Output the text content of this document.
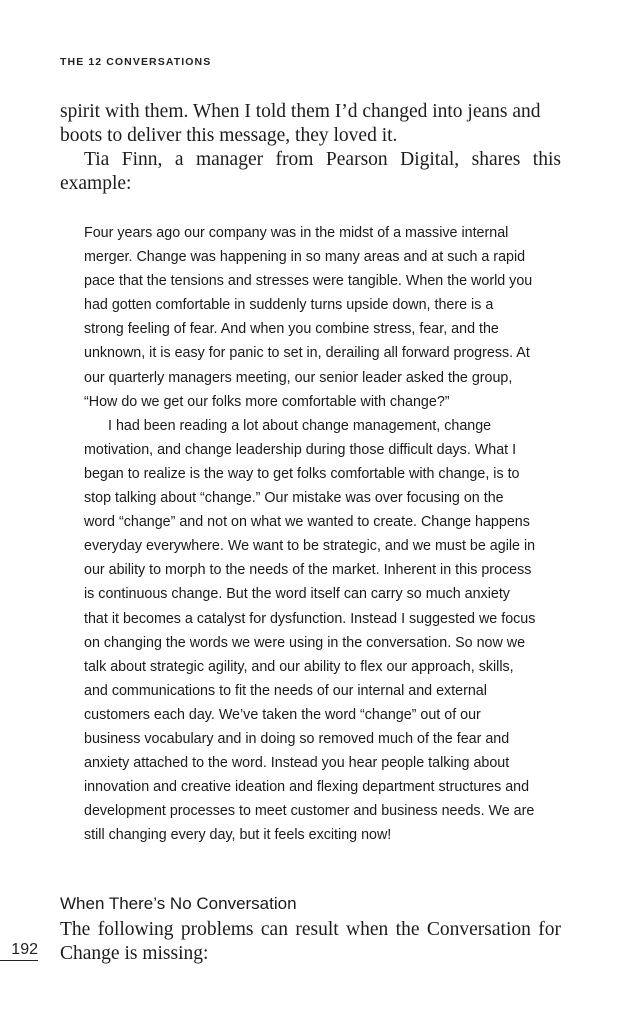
THE 12 CONVERSATIONS
spirit with them. When I told them I’d changed into jeans and
boots to deliver this message, they loved it.

Tia Finn, a manager from Pearson Digital, shares this example:

Four years ago our company was in the midst of a massive internal merger. Change was happening in so many areas and at such a rapid pace that the tensions and stresses were tangible. When the world you had gotten comfortable in suddenly turns upside down, there is a strong feeling of fear. And when you combine stress, fear, and the unknown, it is easy for panic to set in, derailing all forward progress. At our quarterly managers meeting, our senior leader asked the group, “How do we get our folks more comfortable with change?”

I had been reading a lot about change management, change motivation, and change leadership during those difficult days. What I began to realize is the way to get folks comfortable with change, is to stop talking about “change.” Our mistake was over focusing on the word “change” and not on what we wanted to create. Change happens everyday everywhere. We want to be strategic, and we must be agile in our ability to morph to the needs of the market. Inherent in this process is continuous change. But the word itself can carry so much anxiety that it becomes a catalyst for dysfunction. Instead I suggested we focus on changing the words we were using in the conversation. So now we talk about strategic agility, and our ability to flex our approach, skills, and communications to fit the needs of our internal and external customers each day. We’ve taken the word “change” out of our business vocabulary and in doing so removed much of the fear and anxiety attached to the word. Instead you hear people talking about innovation and creative ideation and flexing department structures and development processes to meet customer and business needs. We are still changing every day, but it feels exciting now!

When There’s No Conversation

The following problems can result when the Conversation for Change is missing:

192
